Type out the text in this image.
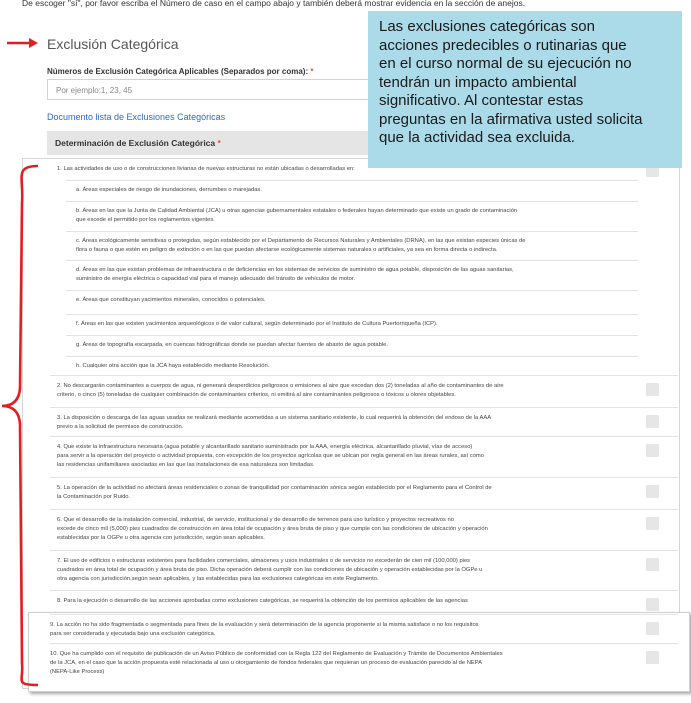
De escoger "sí", por favor escriba el Número de caso en el campo abajo y también deberá mostrar evidencia en la sección de anejos.
Exclusión Categórica
Números de Exclusión Categórica Aplicables (Separados por coma): *
Por ejemplo:1, 23, 45
Documento lista de Exclusiones Categóricas
Determinación de Exclusión Categórica *
1. Las actividades de uso o de construcciones livianas de nuevas estructuras no están ubicadas o desarrolladas en:
a. Áreas especiales de riesgo de inundaciones, derrumbes o marejadas.
b. Áreas en las que la Junta de Calidad Ambiental (JCA) u otras agencias gubernamentales estatales o federales hayan determinado que existe un grado de contaminación
que excede el permitido por los reglamentos vigentes.
c. Áreas ecológicamente sensitivas o protegidas, según establecido por el Departamento de Recursos Naturales y Ambientales (DRNA), en las que existan especies únicas de
flora o fauna o que estén en peligro de extinción o en las que puedan afectarse ecológicamente sistemas naturales o artificiales, ya sea en forma directa o indirecta.
d. Áreas en las que existan problemas de infraestructura o de deficiencias en los sistemas de servicios de suministro de agua potable, disposición de las aguas sanitarias,
suministro de energía eléctrica o capacidad vial para el manejo adecuado del tránsito de vehículos de motor.
e. Áreas que constituyan yacimientos minerales, conocidos o potenciales.
f. Áreas en las que existen yacimientos arqueológicos o de valor cultural, según determinado por el Instituto de Cultura Puertorriqueña (ICP).
g. Áreas de topografía escarpada, en cuencas hidrográficas donde se puedan afectar fuentes de abasto de agua potable.
h. Cualquier otra acción que la JCA haya establecido mediante Resolución.
2. No descargarán contaminantes a cuerpos de agua, ni generará desperdicios peligrosos o emisiones al aire que excedan dos (2) toneladas al año de contaminantes de aire
criterio, o cinco (5) toneladas de cualquier combinación de contaminantes criterios, ni emitirá al aire contaminantes peligrosos o tóxicos u olores objetables.
3. La disposición o descarga de las aguas usadas se realizará mediante acometidas a un sistema sanitario existente, lo cual requerirá la obtención del endoso de la AAA
previo a la solicitud de permisos de construcción.
4. Que existe la infraestructura necesaria (agua potable y alcantarillado sanitario suministrado por la AAA, energía eléctrica, alcantarillado pluvial, vías de acceso)
para servir a la operación del proyecto o actividad propuesta, con excepción de los proyectos agrícolas que se ubican por regla general en las áreas rurales, así como
las residencias unifamiliares asociadas en las que las instalaciones de esa naturaleza son limitadas.
5. La operación de la actividad no afectará áreas residenciales o zonas de tranquilidad por contaminación sónica según establecido por el Reglamento para el Control de
la Contaminación por Ruido.
6. Que el desarrollo de la instalación comercial, industrial, de servicio, institucional y de desarrollo de terrenos para uso turístico y proyectos recreativos no
excede de cinco mil (5,000) pies cuadrados de construcción en área total de ocupación y área bruta de piso y que cumple con las condiciones de ubicación y operación
establecidas por la OGPe u otra agencia con jurisdicción, según sean aplicables.
7. El uso de edificios o estructuras existentes para facilidades comerciales, almacenes y usos industriales o de servicios no excederán de cien mil (100,000) pies
cuadrados en área total de ocupación y área bruta de piso. Dicha operación deberá cumplir con las condiciones de ubicación y operación establecidas por la OGPe u
otra agencia con jurisdicción,según sean aplicables, y las establecidas para las exclusiones categóricas en este Reglamento.
8. Para la ejecución o desarrollo de las acciones aprobadas como exclusiones categóricas, se requerirá la obtención de los permisos aplicables de las agencias
9. La acción no ha sido fragmentada o segmentada para fines de la evaluación y será determinación de la agencia proponente si la misma satisface o no los requisitos
para ser considerada y ejecutada bajo una exclusión categórica.
10. Que ha cumplido con el requisito de publicación de un Aviso Público de conformidad con la Regla 122 del Reglamento de Evaluación y Trámite de Documentos Ambientales
de la JCA, en el caso que la acción propuesta esté relacionada al uso u otorgamiento de fondos federales que requieran un proceso de evaluación parecido al de NEPA
(NEPA-Like Process)
Las exclusiones categóricas son
acciones predecibles o rutinarias que
en el curso normal de su ejecución no
tendrán un impacto ambiental
significativo. Al contestar estas
preguntas en la afirmativa usted solicita
que la actividad sea excluida.
